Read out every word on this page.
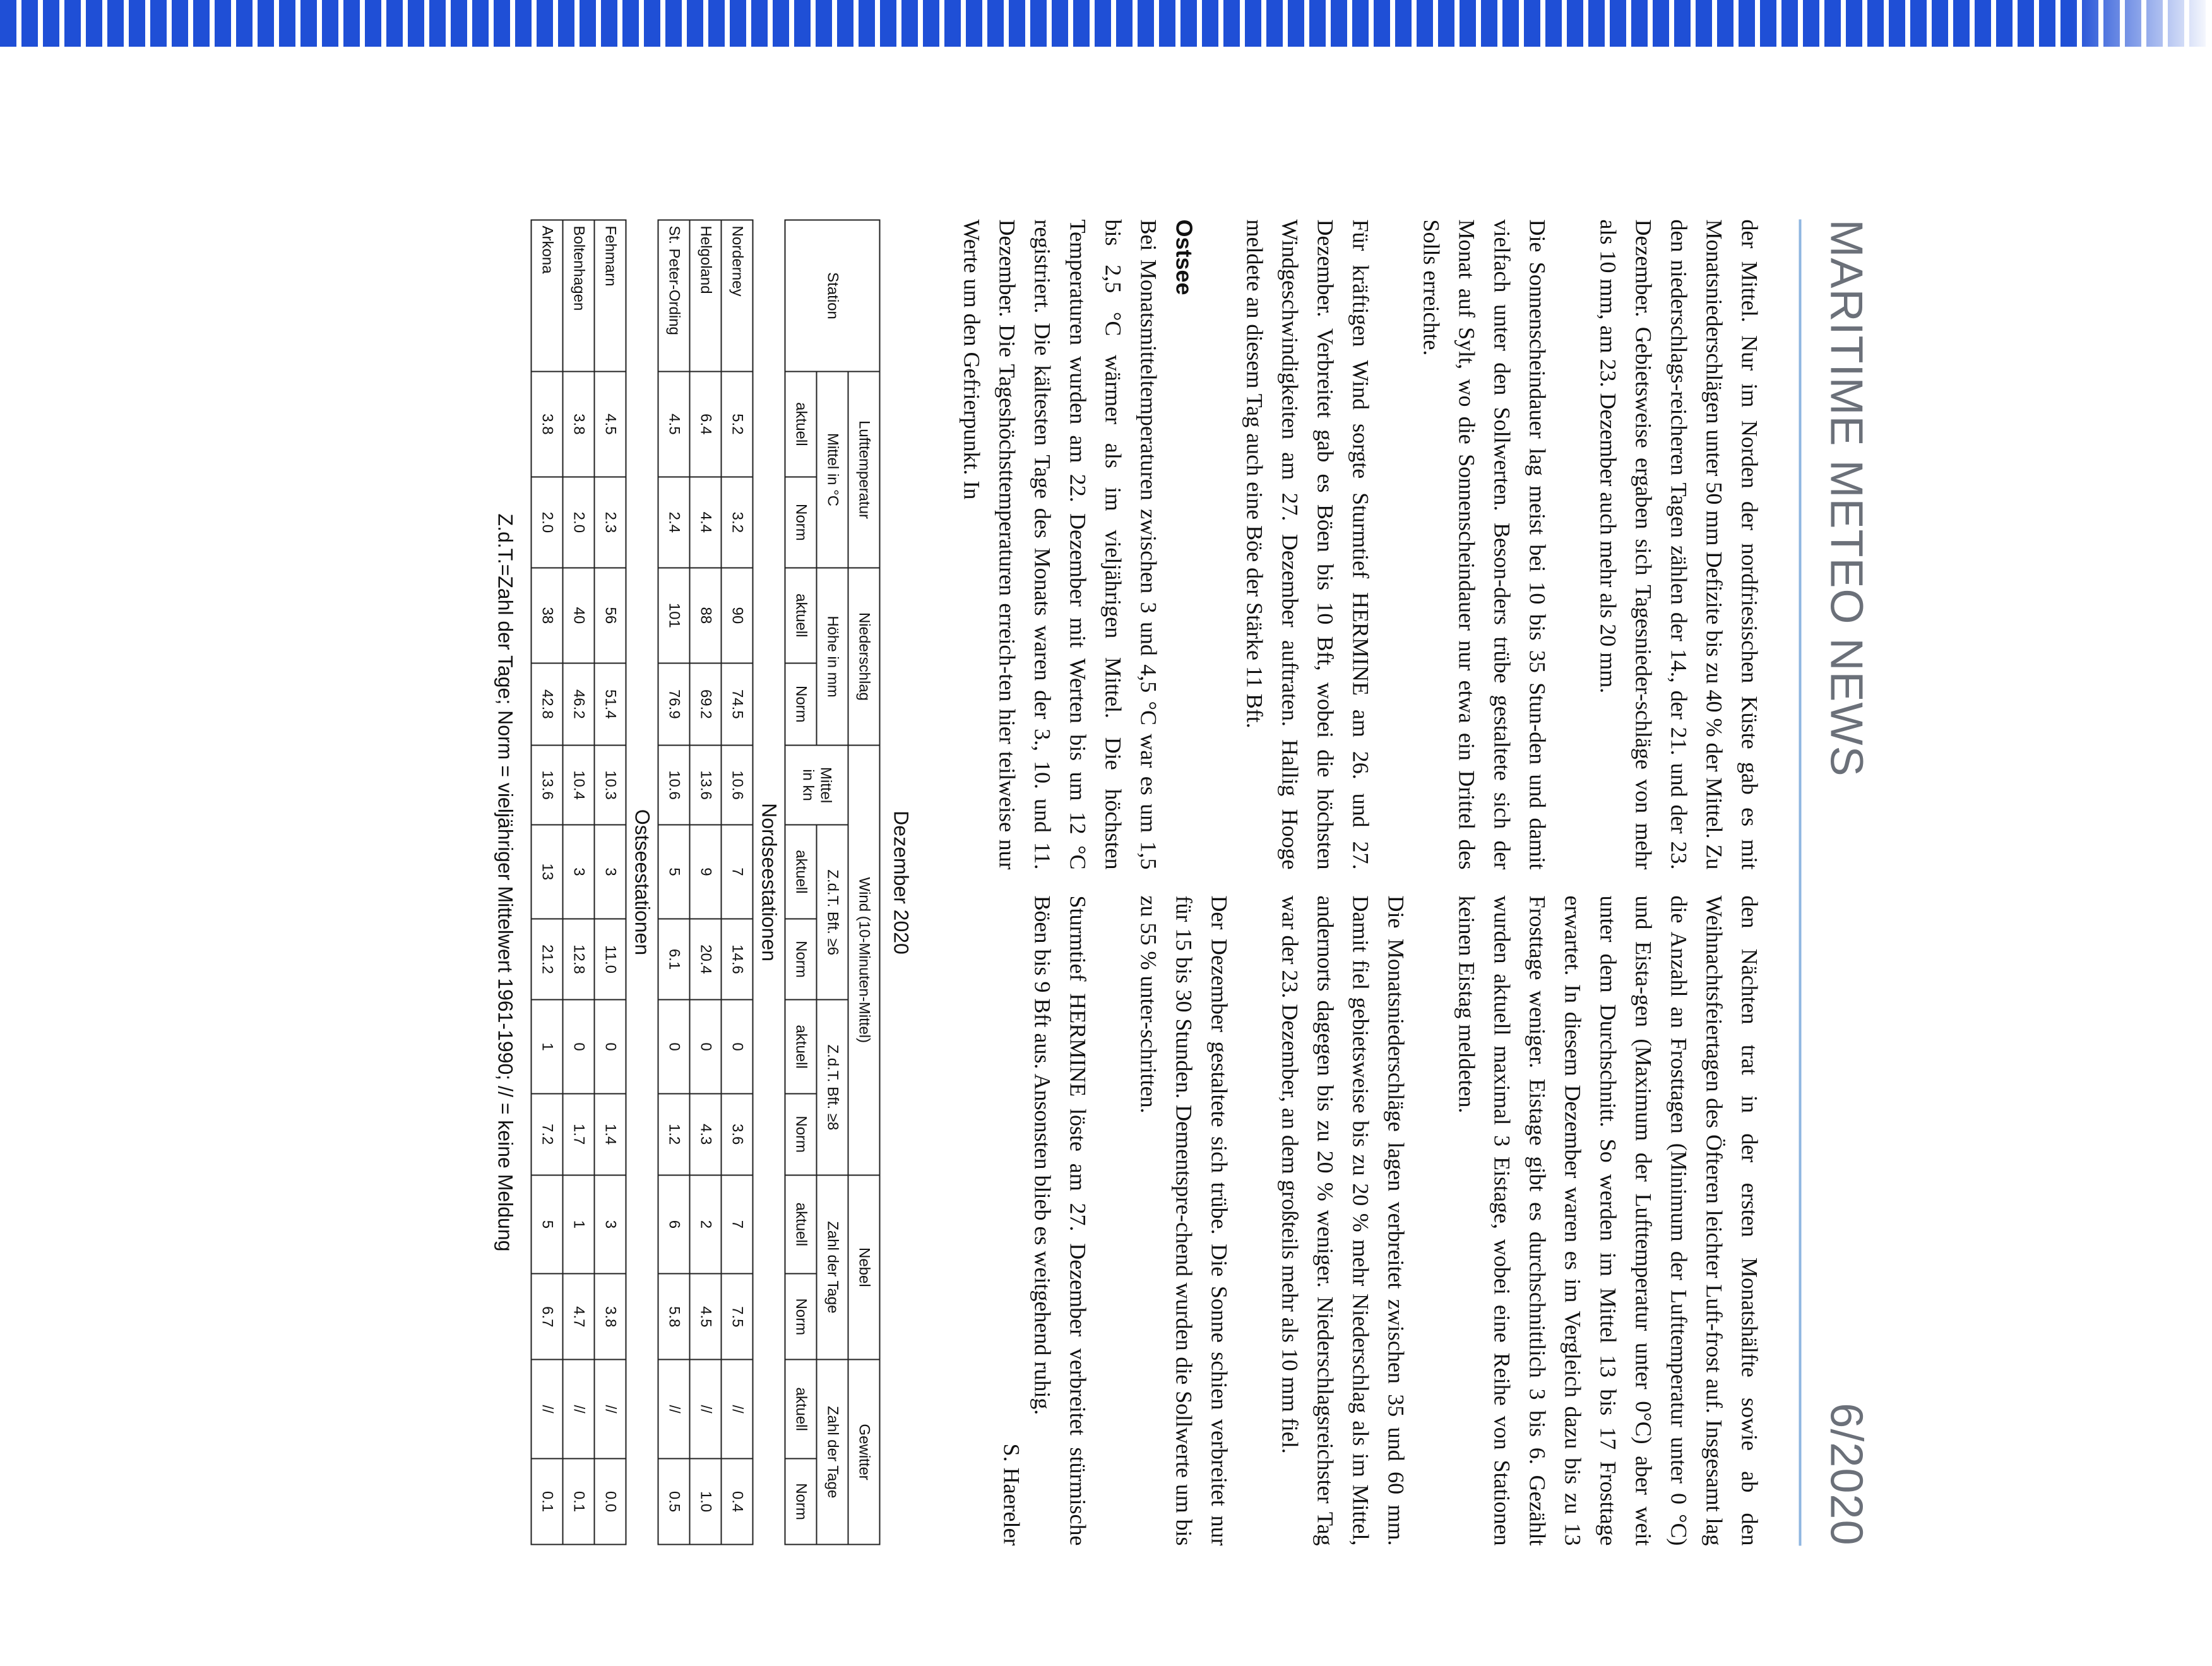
MARITIME METEO NEWS
6/2020

der Mittel. Nur im Norden der nordfriesischen Küste gab es mit Monatsniederschlägen unter 50 mm Defizite bis zu 40 % der Mittel. Zu den niederschlags-reicheren Tagen zählen der 14., der 21. und der 23. Dezember. Gebietsweise ergaben sich Tagesnieder-schläge von mehr als 10 mm, am 23. Dezember auch mehr als 20 mm.

Die Sonnenscheindauer lag meist bei 10 bis 35 Stun-den und damit vielfach unter den Sollwerten. Beson-ders trübe gestaltete sich der Monat auf Sylt, wo die Sonnenscheindauer nur etwa ein Drittel des Solls erreichte.

Für kräftigen Wind sorgte Sturmtief HERMINE am 26. und 27. Dezember. Verbreitet gab es Böen bis 10 Bft, wobei die höchsten Windgeschwindigkeiten am 27. Dezember auftraten. Hallig Hooge meldete an diesem Tag auch eine Böe der Stärke 11 Bft.

Ostsee

Bei Monatsmitteltemperaturen zwischen 3 und 4,5 °C war es um 1,5 bis 2,5 °C wärmer als im vieljährigen Mittel. Die höchsten Temperaturen wurden am 22. Dezember mit Werten bis um 12 °C registriert. Die kältesten Tage des Monats waren der 3., 10. und 11. Dezember. Die Tageshöchsttemperaturen erreich-ten hier teilweise nur Werte um den Gefrierpunkt. In

den Nächten trat in der ersten Monatshälfte sowie ab den Weihnachtsfeiertagen des Öfteren leichter Luft-frost auf. Insgesamt lag die Anzahl an Frosttagen (Minimum der Lufttemperatur unter 0 °C) und Eista-gen (Maximum der Lufttemperatur unter 0°C) aber weit unter dem Durchschnitt. So werden im Mittel 13 bis 17 Frosttage erwartet. In diesem Dezember waren es im Vergleich dazu bis zu 13 Frosttage weniger. Eistage gibt es durchschnittlich 3 bis 6. Gezählt wurden aktuell maximal 3 Eistage, wobei eine Reihe von Stationen keinen Eistag meldeten.

Die Monatsniederschläge lagen verbreitet zwischen 35 und 60 mm. Damit fiel gebietsweise bis zu 20 % mehr Niederschlag als im Mittel, andernorts dagegen bis zu 20 % weniger. Niederschlagsreichster Tag war der 23. Dezember, an dem großteils mehr als 10 mm fiel.

Der Dezember gestaltete sich trübe. Die Sonne schien verbreitet nur für 15 bis 30 Stunden. Dementspre-chend wurden die Sollwerte um bis zu 55 % unter-schritten.

Sturmtief HERMINE löste am 27. Dezember verbreitet stürmische Böen bis 9 Bft aus. Ansonsten blieb es weitgehend ruhig.

S. Haereler
Dezember 2020
Station	Lufttemperatur		Niederschlag		Wind (10-Minuten-Mittel)					Nebel		Gewitter	
	Mittel in °C		Höhe in mm		Mittel
in kn	Z.d.T. Bft. ≥6		Z.d.T. Bft. ≥8		Zahl der Tage		Zahl der Tage	
	aktuell	Norm	aktuell	Norm		aktuell	Norm	aktuell	Norm	aktuell	Norm	aktuell	Norm
Nordseestationen													
Norderney	5.2	3.2	90	74.5	10.6	7	14.6	0	3.6	7	7.5	//	0.4
Helgoland	6.4	4.4	88	69.2	13.6	9	20.4	0	4.3	2	4.5	//	1.0
St. Peter-Ording	4.5	2.4	101	76.9	10.6	5	6.1	0	1.2	6	5.8	//	0.5
Ostseestationen													
Fehmarn	4.5	2.3	56	51.4	10.3	3	11.0	0	1.4	3	3.8	//	0.0
Boltenhagen	3.8	2.0	40	46.2	10.4	3	12.8	0	1.7	1	4.7	//	0.1
Arkona	3.8	2.0	38	42.8	13.6	13	21.2	1	7.2	5	6.7	//	0.1
Z.d.T.=Zahl der Tage; Norm = vieljähriger Mittelwert 1961-1990; // = keine Meldung
